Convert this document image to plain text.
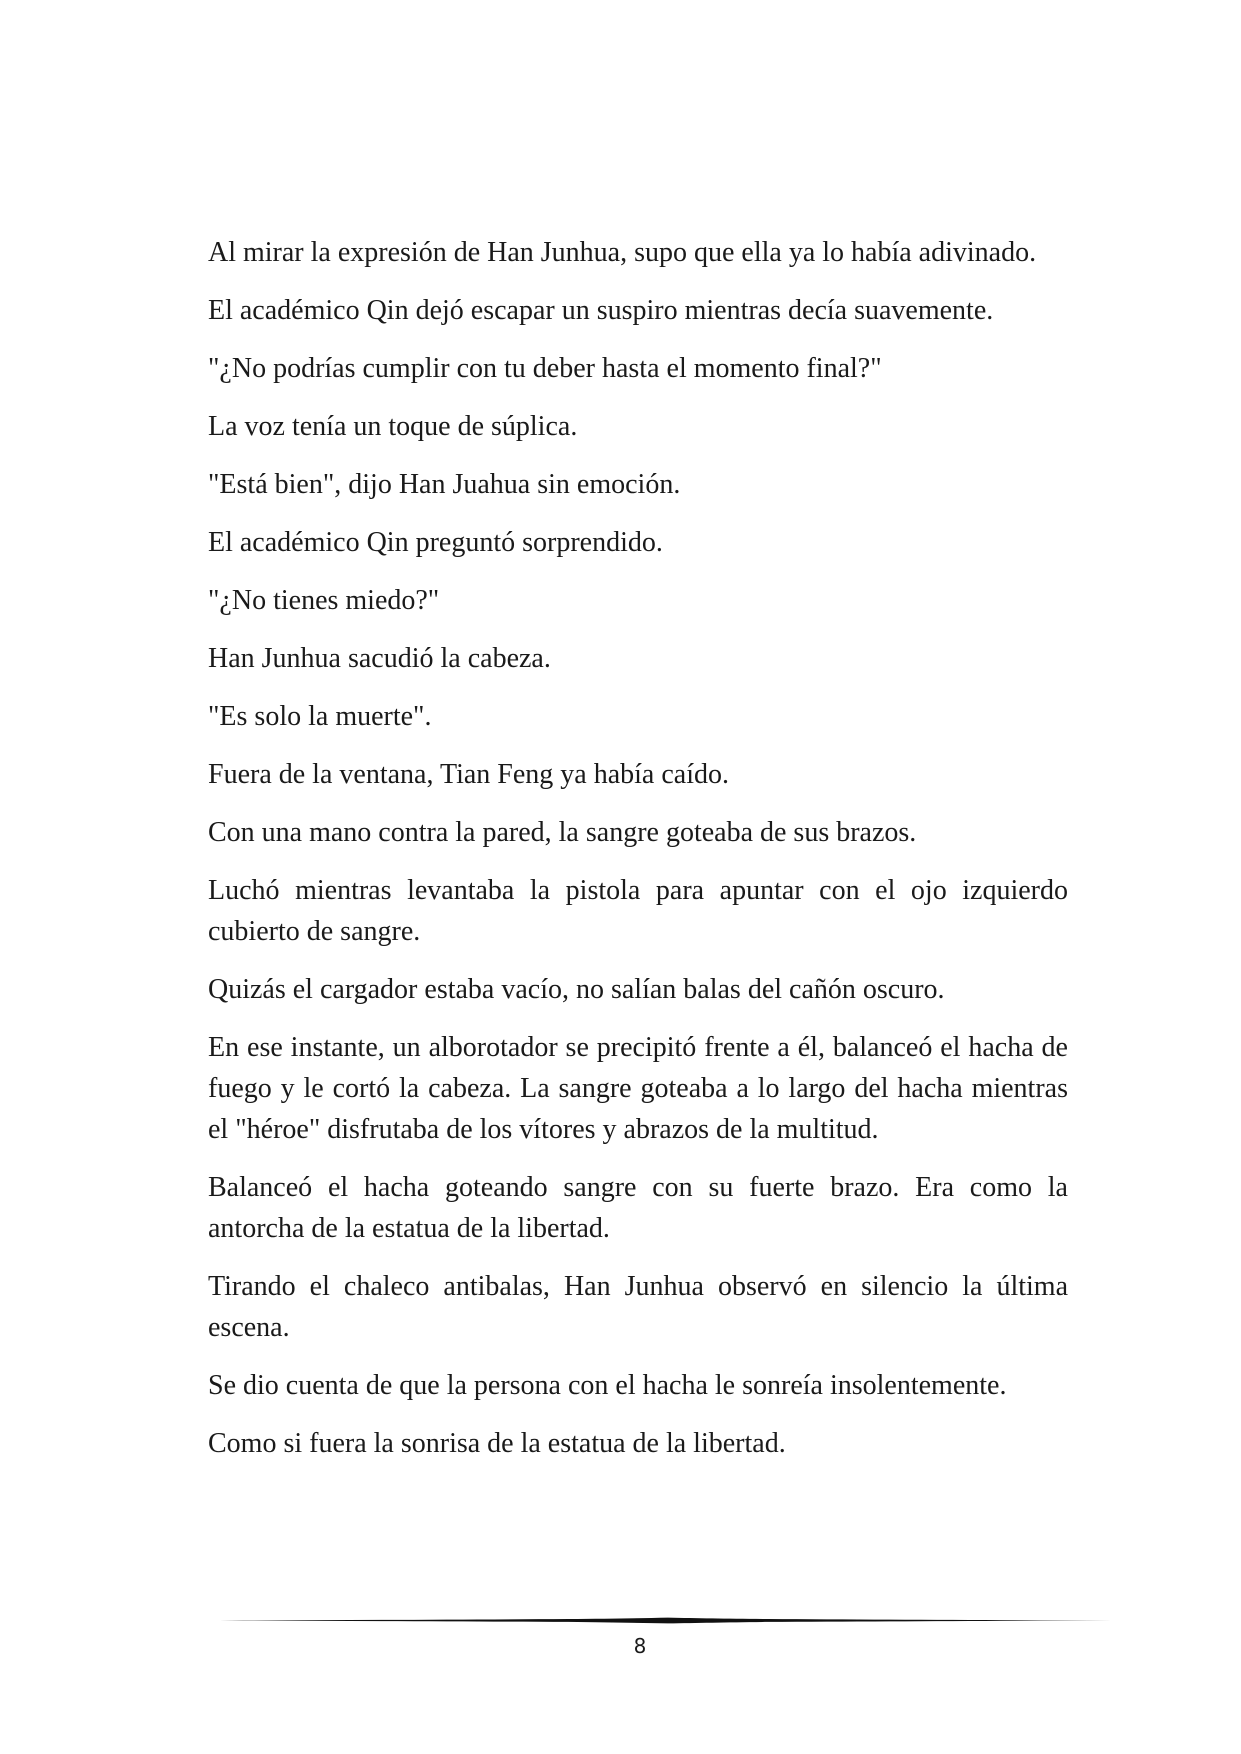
Al mirar la expresión de Han Junhua, supo que ella ya lo había adivinado.

El académico Qin dejó escapar un suspiro mientras decía suavemente.

"¿No podrías cumplir con tu deber hasta el momento final?"

La voz tenía un toque de súplica.

"Está bien", dijo Han Juahua sin emoción.

El académico Qin preguntó sorprendido.

"¿No tienes miedo?"

Han Junhua sacudió la cabeza.

"Es solo la muerte".

Fuera de la ventana, Tian Feng ya había caído.

Con una mano contra la pared, la sangre goteaba de sus brazos.

Luchó mientras levantaba la pistola para apuntar con el ojo izquierdo cubierto de sangre.

Quizás el cargador estaba vacío, no salían balas del cañón oscuro.

En ese instante, un alborotador se precipitó frente a él, balanceó el hacha de fuego y le cortó la cabeza. La sangre goteaba a lo largo del hacha mientras el "héroe" disfrutaba de los vítores y abrazos de la multitud.

Balanceó el hacha goteando sangre con su fuerte brazo. Era como la antorcha de la estatua de la libertad.

Tirando el chaleco antibalas, Han Junhua observó en silencio la última escena.

Se dio cuenta de que la persona con el hacha le sonreía insolentemente.

Como si fuera la sonrisa de la estatua de la libertad.

8
